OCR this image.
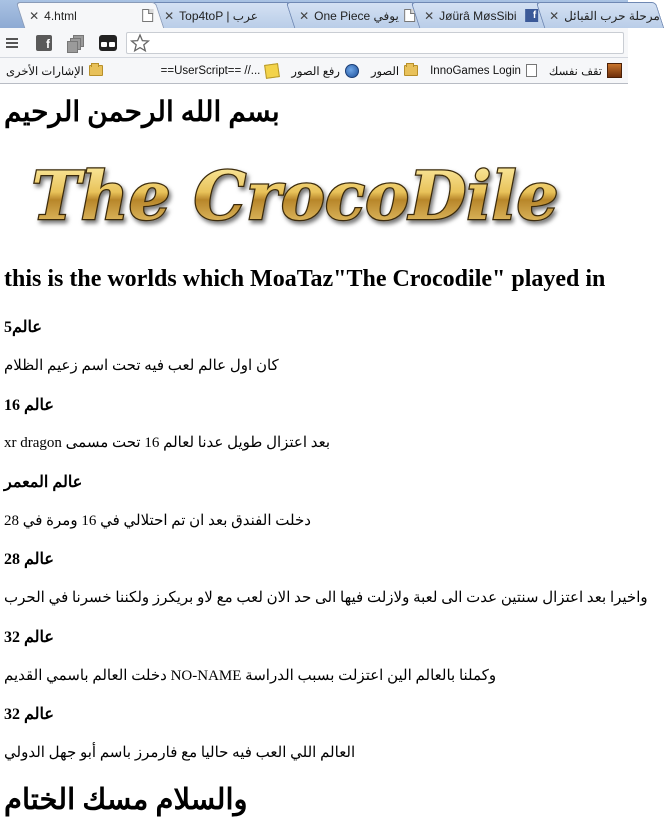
✕ 4.html	✕ Top4toP | عرب	✕ One Piece يوفي ✕ Jøürâ MøsSibi	f ✕ مرحلة حرب القبائل
f
تقف نفسك
InnoGames Login
الصور
رفع الصور
==UserScript== //...
الإشارات الأخرى
بسم الله الرحمن الرحيم
The CrocoDile
this is the worlds which MoaTaz"The Crocodile" played in
عالم5

كان اول عالم لعب فيه تحت اسم زعيم الظلام

عالم 16

بعد اعتزال طويل عدنا لعالم 16 تحت مسمى xr dragon

عالم المعمر

دخلت الفندق بعد ان تم احتلالي في 16 ومرة في 28

عالم 28

واخيرا بعد اعتزال سنتين عدت الى لعبة ولازلت فيها الى حد الان لعب مع لاو بريكرز ولكننا خسرنا في الحرب

عالم 32

وكملنا بالعالم الين اعتزلت بسبب الدراسة NO-NAME دخلت العالم باسمي القديم

عالم 32

العالم اللي العب فيه حاليا مع فارمرز باسم أبو جهل الدولي

والسلام مسك الختام
